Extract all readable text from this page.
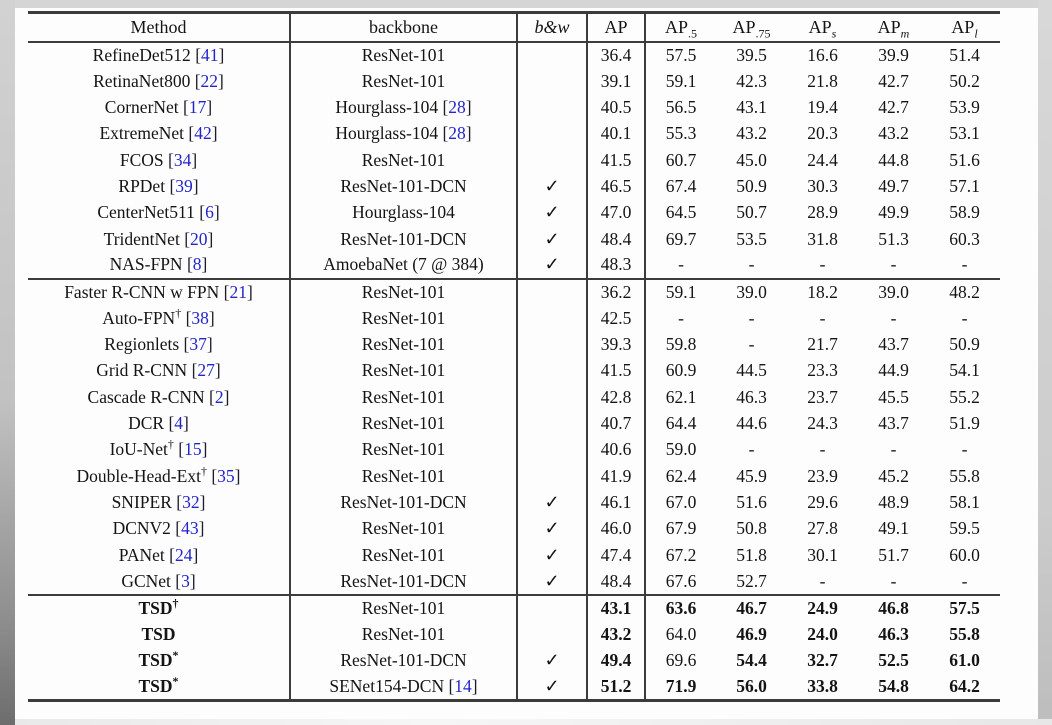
Method	backbone	b&w	AP	$AP_{.5}$	$AP_{.75}$	$AP_s$	$AP_m$	$AP_l$
RefineDet512 [41]	ResNet-101		36.4	57.5	39.5	16.6	39.9	51.4
RetinaNet800 [22]	ResNet-101		39.1	59.1	42.3	21.8	42.7	50.2
CornerNet [17]	Hourglass-104 [28]		40.5	56.5	43.1	19.4	42.7	53.9
ExtremeNet [42]	Hourglass-104 [28]		40.1	55.3	43.2	20.3	43.2	53.1
FCOS [34]	ResNet-101		41.5	60.7	45.0	24.4	44.8	51.6
RPDet [39]	ResNet-101-DCN	✓	46.5	67.4	50.9	30.3	49.7	57.1
CenterNet511 [6]	Hourglass-104	✓	47.0	64.5	50.7	28.9	49.9	58.9
TridentNet [20]	ResNet-101-DCN	✓	48.4	69.7	53.5	31.8	51.3	60.3
NAS-FPN [8]	AmoebaNet (7 @ 384)	✓	48.3	-	-	-	-	-
Faster R-CNN w FPN [21]	ResNet-101		36.2	59.1	39.0	18.2	39.0	48.2
Auto-FPN† [38]	ResNet-101		42.5	-	-	-	-	-
Regionlets [37]	ResNet-101		39.3	59.8	-	21.7	43.7	50.9
Grid R-CNN [27]	ResNet-101		41.5	60.9	44.5	23.3	44.9	54.1
Cascade R-CNN [2]	ResNet-101		42.8	62.1	46.3	23.7	45.5	55.2
DCR [4]	ResNet-101		40.7	64.4	44.6	24.3	43.7	51.9
IoU-Net† [15]	ResNet-101		40.6	59.0	-	-	-	-
Double-Head-Ext† [35]	ResNet-101		41.9	62.4	45.9	23.9	45.2	55.8
SNIPER [32]	ResNet-101-DCN	✓	46.1	67.0	51.6	29.6	48.9	58.1
DCNV2 [43]	ResNet-101	✓	46.0	67.9	50.8	27.8	49.1	59.5
PANet [24]	ResNet-101	✓	47.4	67.2	51.8	30.1	51.7	60.0
GCNet [3]	ResNet-101-DCN	✓	48.4	67.6	52.7	-	-	-
TSD†	ResNet-101		43.1	63.6	46.7	24.9	46.8	57.5
TSD	ResNet-101		43.2	64.0	46.9	24.0	46.3	55.8
TSD*	ResNet-101-DCN	✓	49.4	69.6	54.4	32.7	52.5	61.0
TSD*	SENet154-DCN [14]	✓	51.2	71.9	56.0	33.8	54.8	64.2
